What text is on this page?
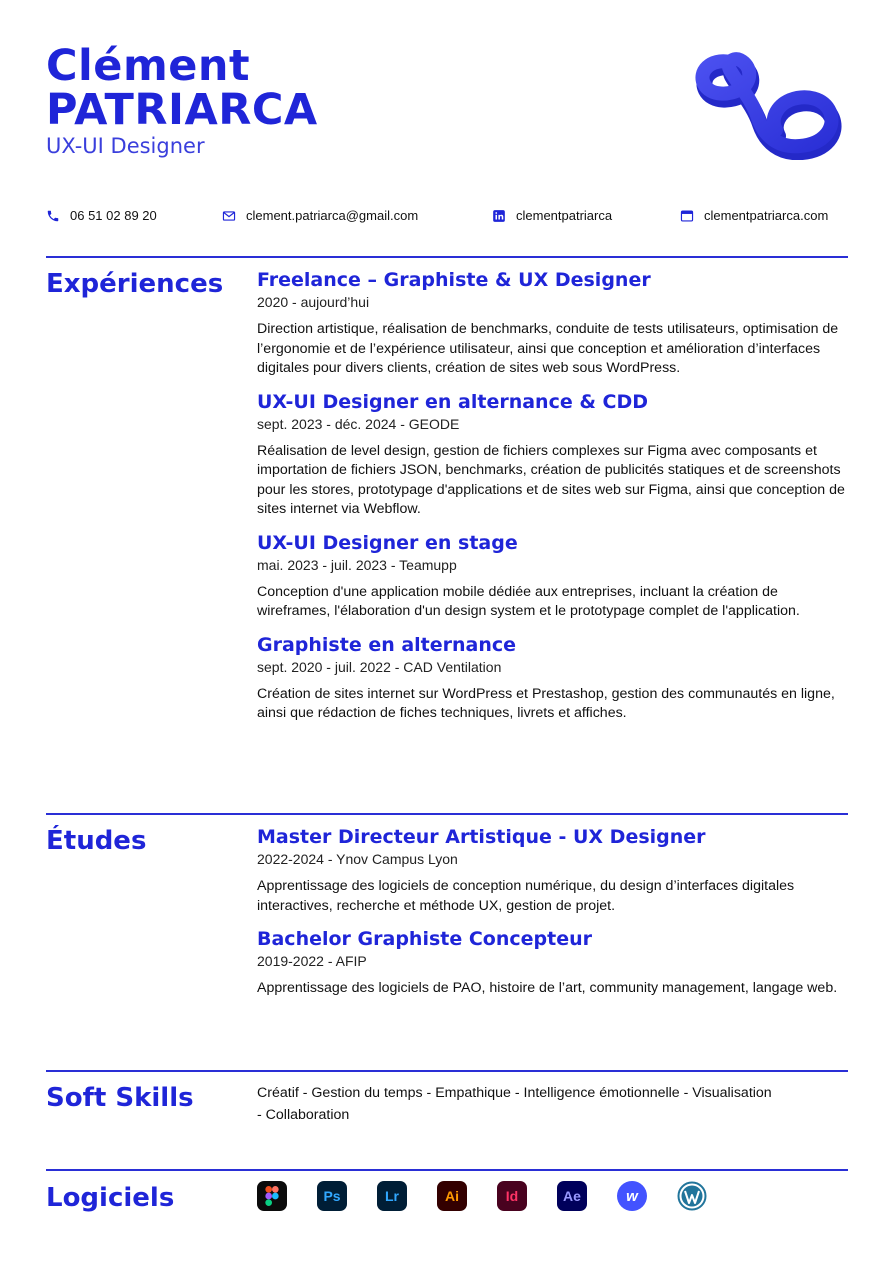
Clément
PATRIARCA
UX-UI Designer
06 51 02 89 20	clement.patriarca@gmail.com	clementpatriarca	clementpatriarca.com
Expériences Freelance – Graphiste & UX Designer
2020 - aujourd’hui
Direction artistique, réalisation de benchmarks, conduite de tests utilisateurs, optimisation de l’ergonomie et de l’expérience utilisateur, ainsi que conception et amélioration d’interfaces digitales pour divers clients, création de sites web sous WordPress.
UX-UI Designer en alternance & CDD
sept. 2023 - déc. 2024 - GEODE
Réalisation de level design, gestion de fichiers complexes sur Figma avec composants et importation de fichiers JSON, benchmarks, création de publicités statiques et de screenshots pour les stores, prototypage d'applications et de sites web sur Figma, ainsi que conception de sites internet via Webflow.
UX-UI Designer en stage
mai. 2023 - juil. 2023 - Teamupp
Conception d'une application mobile dédiée aux entreprises, incluant la création de wireframes, l'élaboration d'un design system et le prototypage complet de l'application.
Graphiste en alternance
sept. 2020 - juil. 2022 - CAD Ventilation
Création de sites internet sur WordPress et Prestashop, gestion des communautés en ligne, ainsi que rédaction de fiches techniques, livrets et affiches.
Études	Master Directeur Artistique - UX Designer
2022-2024 - Ynov Campus Lyon
Apprentissage des logiciels de conception numérique, du design d’interfaces digitales interactives, recherche et méthode UX, gestion de projet.
Bachelor Graphiste Concepteur
2019-2022 - AFIP
Apprentissage des logiciels de PAO, histoire de l’art, community management, langage web.
Soft Skills	Créatif - Gestion du temps - Empathique - Intelligence émotionnelle - Visualisation - Collaboration
Logiciels	Ps	Lr	Ai	Id	Ae	w
